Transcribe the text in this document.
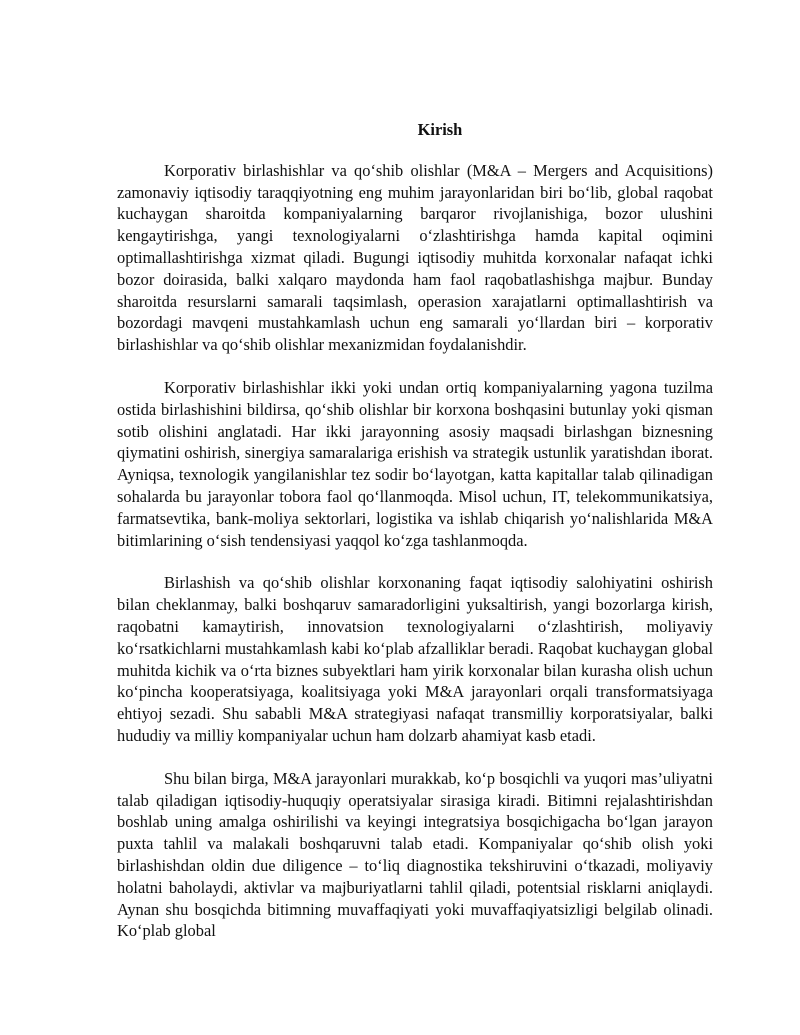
Kirish

Korporativ birlashishlar va qo‘shib olishlar (M&A – Mergers and Acquisitions) zamonaviy iqtisodiy taraqqiyotning eng muhim jarayonlaridan biri bo‘lib, global raqobat kuchaygan sharoitda kompaniyalarning barqaror rivojlanishiga, bozor ulushini kengaytirishga, yangi texnologiyalarni o‘zlashtirishga hamda kapital oqimini optimallashtirishga xizmat qiladi. Bugungi iqtisodiy muhitda korxonalar nafaqat ichki bozor doirasida, balki xalqaro maydonda ham faol raqobatlashishga majbur. Bunday sharoitda resurslarni samarali taqsimlash, operasion xarajatlarni optimallashtirish va bozordagi mavqeni mustahkamlash uchun eng samarali yo‘llardan biri – korporativ birlashishlar va qo‘shib olishlar mexanizmidan foydalanishdir.

Korporativ birlashishlar ikki yoki undan ortiq kompaniyalarning yagona tuzilma ostida birlashishini bildirsa, qo‘shib olishlar bir korxona boshqasini butunlay yoki qisman sotib olishini anglatadi. Har ikki jarayonning asosiy maqsadi birlashgan biznesning qiymatini oshirish, sinergiya samaralariga erishish va strategik ustunlik yaratishdan iborat. Ayniqsa, texnologik yangilanishlar tez sodir bo‘layotgan, katta kapitallar talab qilinadigan sohalarda bu jarayonlar tobora faol qo‘llanmoqda. Misol uchun, IT, telekommunikatsiya, farmatsevtika, bank-moliya sektorlari, logistika va ishlab chiqarish yo‘nalishlarida M&A bitimlarining o‘sish tendensiyasi yaqqol ko‘zga tashlanmoqda.

Birlashish va qo‘shib olishlar korxonaning faqat iqtisodiy salohiyatini oshirish bilan cheklanmay, balki boshqaruv samaradorligini yuksaltirish, yangi bozorlarga kirish, raqobatni kamaytirish, innovatsion texnologiyalarni o‘zlashtirish, moliyaviy ko‘rsatkichlarni mustahkamlash kabi ko‘plab afzalliklar beradi. Raqobat kuchaygan global muhitda kichik va o‘rta biznes subyektlari ham yirik korxonalar bilan kurasha olish uchun ko‘pincha kooperatsiyaga, koalitsiyaga yoki M&A jarayonlari orqali transformatsiyaga ehtiyoj sezadi. Shu sababli M&A strategiyasi nafaqat transmilliy korporatsiyalar, balki hududiy va milliy kompaniyalar uchun ham dolzarb ahamiyat kasb etadi.

Shu bilan birga, M&A jarayonlari murakkab, ko‘p bosqichli va yuqori mas’uliyatni talab qiladigan iqtisodiy-huquqiy operatsiyalar sirasiga kiradi. Bitimni rejalashtirishdan boshlab uning amalga oshirilishi va keyingi integratsiya bosqichigacha bo‘lgan jarayon puxta tahlil va malakali boshqaruvni talab etadi. Kompaniyalar qo‘shib olish yoki birlashishdan oldin due diligence – to‘liq diagnostika tekshiruvini o‘tkazadi, moliyaviy holatni baholaydi, aktivlar va majburiyatlarni tahlil qiladi, potentsial risklarni aniqlaydi. Aynan shu bosqichda bitimning muvaffaqiyati yoki muvaffaqiyatsizligi belgilab olinadi. Ko‘plab global
